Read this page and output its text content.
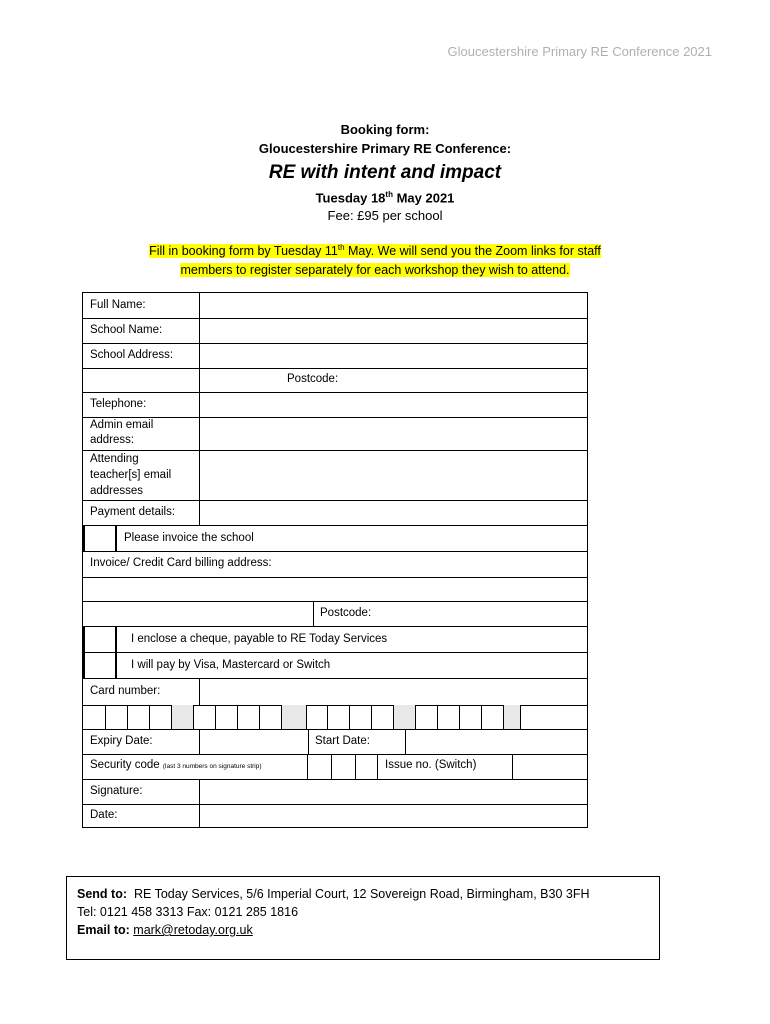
Gloucestershire Primary RE Conference 2021
Booking form:
Gloucestershire Primary RE Conference:
RE with intent and impact
Tuesday 18th May 2021
Fee: £95 per school
Fill in booking form by Tuesday 11th May. We will send you the Zoom links for staff
members to register separately for each workshop they wish to attend.
Full Name:
School Name:
School Address:
Postcode:
Telephone:
Admin email
address:
Attending
teacher[s] email
addresses
Payment details:
Please invoice the school
Invoice/ Credit Card billing address:
Postcode:
I enclose a cheque, payable to RE Today Services
I will pay by Visa, Mastercard or Switch
Card number:
Expiry Date:	Start Date:
Security code (last 3 numbers on signature strip)	Issue no. (Switch)
Signature:
Date:
Send to: RE Today Services, 5/6 Imperial Court, 12 Sovereign Road, Birmingham, B30 3FH
Tel: 0121 458 3313 Fax: 0121 285 1816
Email to: mark@retoday.org.uk
